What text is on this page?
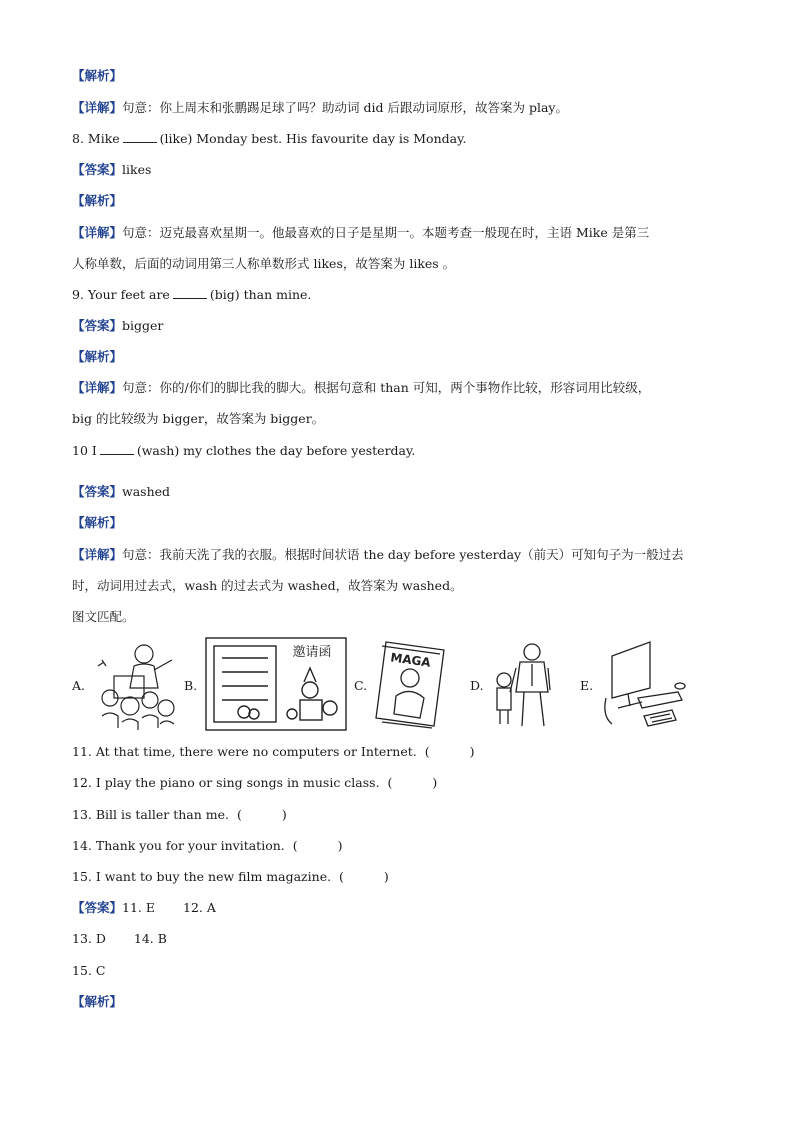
【解析】
【详解】句意：你上周末和张鹏踢足球了吗？助动词 did 后跟动词原形，故答案为 play。
8. Mike	(like) Monday best. His favourite day is Monday.
【答案】likes
【解析】
【详解】句意：迈克最喜欢星期一。他最喜欢的日子是星期一。本题考查一般现在时，主语 Mike 是第三
人称单数，后面的动词用第三人称单数形式 likes，故答案为 likes 。
9. Your feet are	(big) than mine.
【答案】bigger
【解析】
【详解】句意：你的/你们的脚比我的脚大。根据句意和 than 可知，两个事物作比较，形容词用比较级，
big 的比较级为 bigger，故答案为 bigger。
10 I	(wash) my clothes the day before yesterday.
【答案】washed
【解析】
【详解】句意：我前天洗了我的衣服。根据时间状语 the day before yesterday（前天）可知句子为一般过去
时，动词用过去式，wash 的过去式为 washed，故答案为 washed。
图文匹配。
A.	B.
邀请函
C.
MAGA
D.	E.
11. At that time, there were no computers or Internet. (	)
12. I play the piano or sing songs in music class. (	)
13. Bill is taller than me. (	)
14. Thank you for your invitation. (	)
15. I want to buy the new film magazine. (	)
【答案】11. E 12. A
13. D 14. B
15. C
【解析】
